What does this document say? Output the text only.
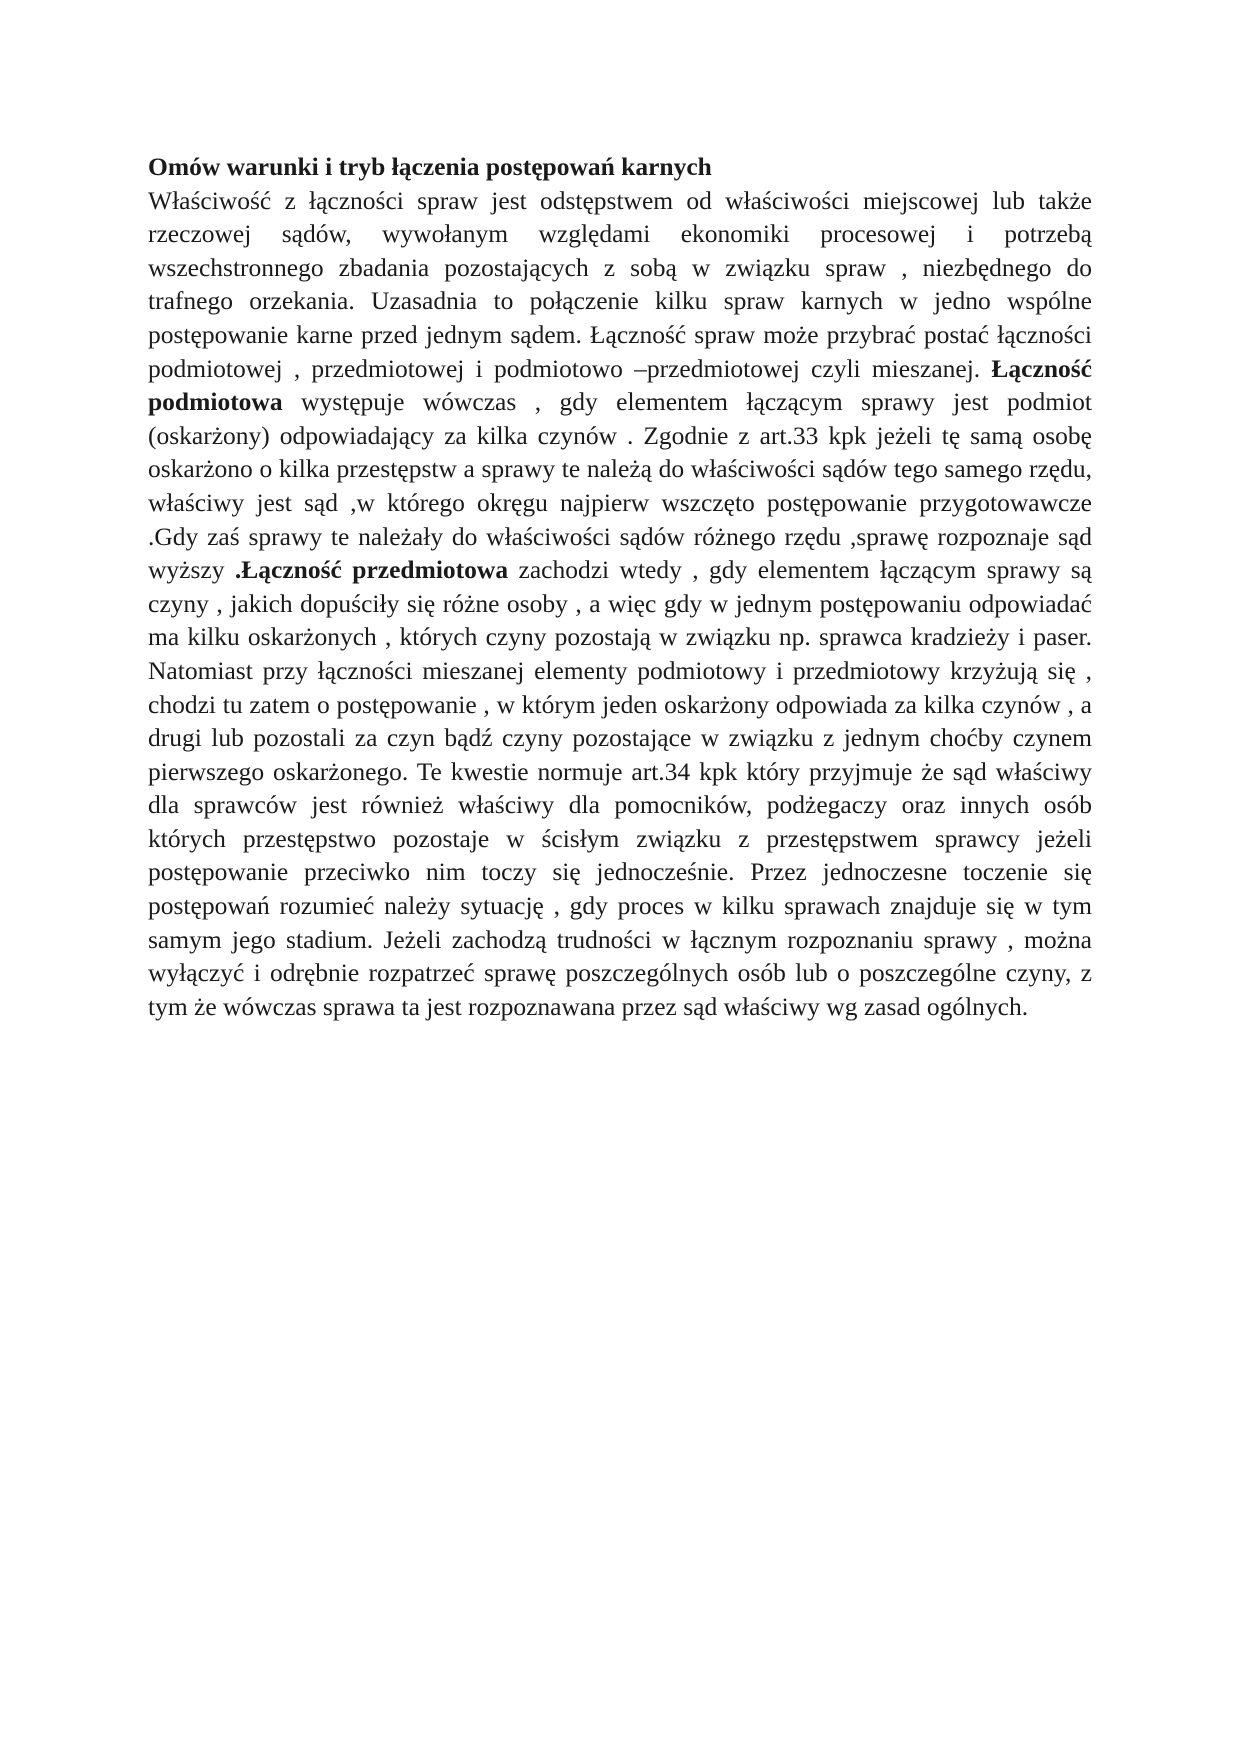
Omów warunki i tryb łączenia postępowań karnych

Właściwość z łączności spraw jest odstępstwem od właściwości miejscowej lub także rzeczowej sądów, wywołanym względami ekonomiki procesowej i potrzebą wszechstronnego zbadania pozostających z sobą w związku spraw , niezbędnego do trafnego orzekania. Uzasadnia to połączenie kilku spraw karnych w jedno wspólne postępowanie karne przed jednym sądem. Łączność spraw może przybrać postać łączności podmiotowej , przedmiotowej i podmiotowo –przedmiotowej czyli mieszanej. Łączność podmiotowa występuje wówczas , gdy elementem łączącym sprawy jest podmiot (oskarżony) odpowiadający za kilka czynów . Zgodnie z art.33 kpk jeżeli tę samą osobę oskarżono o kilka przestępstw a sprawy te należą do właściwości sądów tego samego rzędu, właściwy jest sąd ,w którego okręgu najpierw wszczęto postępowanie przygotowawcze .Gdy zaś sprawy te należały do właściwości sądów różnego rzędu ,sprawę rozpoznaje sąd wyższy .Łączność przedmiotowa zachodzi wtedy , gdy elementem łączącym sprawy są czyny , jakich dopuściły się różne osoby , a więc gdy w jednym postępowaniu odpowiadać ma kilku oskarżonych , których czyny pozostają w związku np. sprawca kradzieży i paser. Natomiast przy łączności mieszanej elementy podmiotowy i przedmiotowy krzyżują się , chodzi tu zatem o postępowanie , w którym jeden oskarżony odpowiada za kilka czynów , a drugi lub pozostali za czyn bądź czyny pozostające w związku z jednym choćby czynem pierwszego oskarżonego. Te kwestie normuje art.34 kpk który przyjmuje że sąd właściwy dla sprawców jest również właściwy dla pomocników, podżegaczy oraz innych osób których przestępstwo pozostaje w ścisłym związku z przestępstwem sprawcy jeżeli postępowanie przeciwko nim toczy się jednocześnie. Przez jednoczesne toczenie się postępowań rozumieć należy sytuację , gdy proces w kilku sprawach znajduje się w tym samym jego stadium. Jeżeli zachodzą trudności w łącznym rozpoznaniu sprawy , można wyłączyć i odrębnie rozpatrzeć sprawę poszczególnych osób lub o poszczególne czyny, z tym że wówczas sprawa ta jest rozpoznawana przez sąd właściwy wg zasad ogólnych.
